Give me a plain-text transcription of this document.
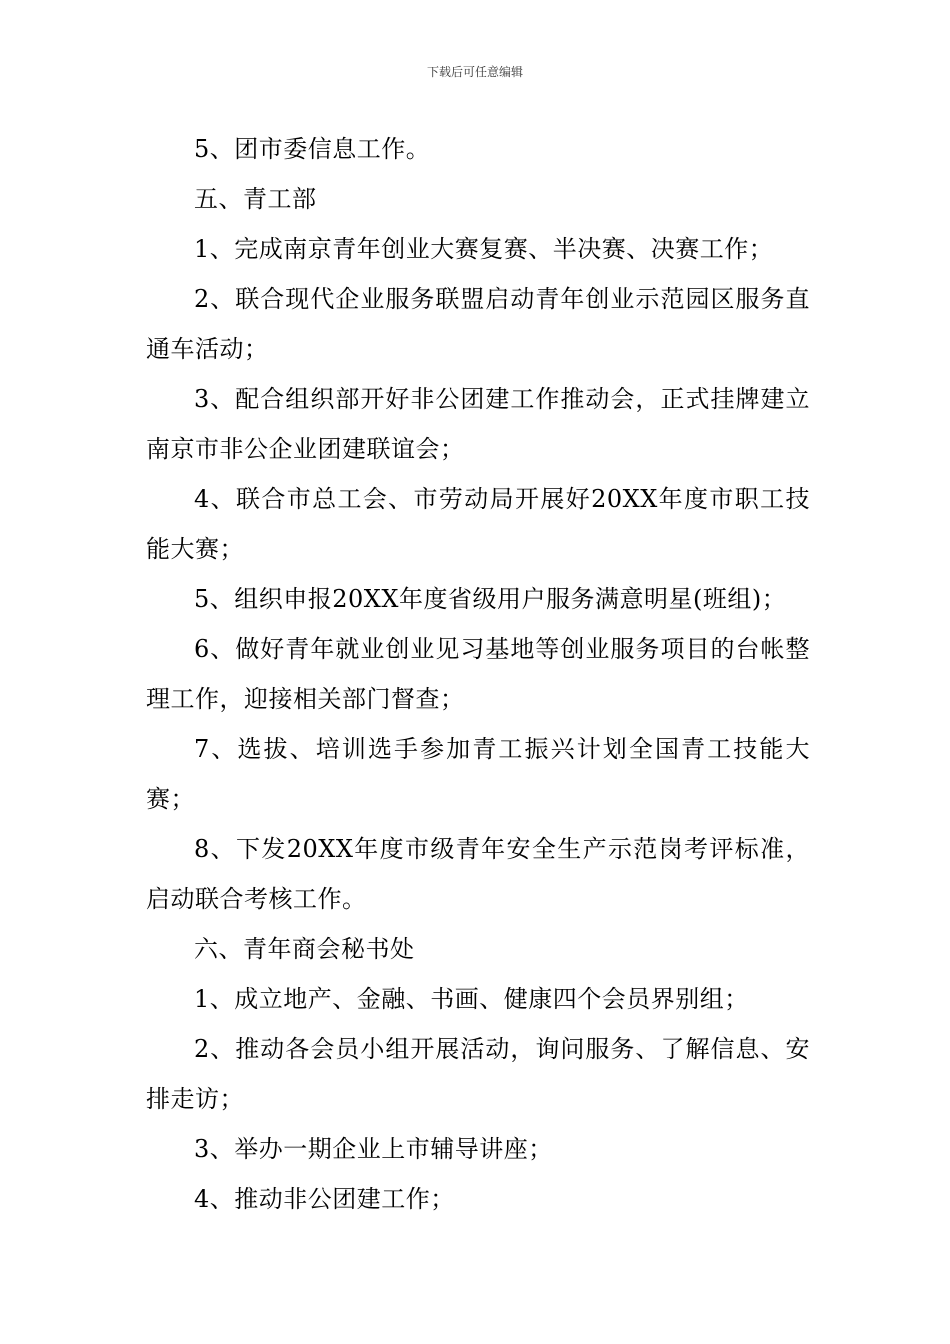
下载后可任意编辑

5、团市委信息工作。

五、青工部

1、完成南京青年创业大赛复赛、半决赛、决赛工作；

2、联合现代企业服务联盟启动青年创业示范园区服务直通车活动；

3、配合组织部开好非公团建工作推动会，正式挂牌建立南京市非公企业团建联谊会；

4、联合市总工会、市劳动局开展好20XX年度市职工技能大赛；

5、组织申报20XX年度省级用户服务满意明星(班组)；

6、做好青年就业创业见习基地等创业服务项目的台帐整理工作，迎接相关部门督查；

7、选拔、培训选手参加青工振兴计划全国青工技能大赛；

8、下发20XX年度市级青年安全生产示范岗考评标准，启动联合考核工作。

六、青年商会秘书处

1、成立地产、金融、书画、健康四个会员界别组；

2、推动各会员小组开展活动，询问服务、了解信息、安排走访；

3、举办一期企业上市辅导讲座；

4、推动非公团建工作；
